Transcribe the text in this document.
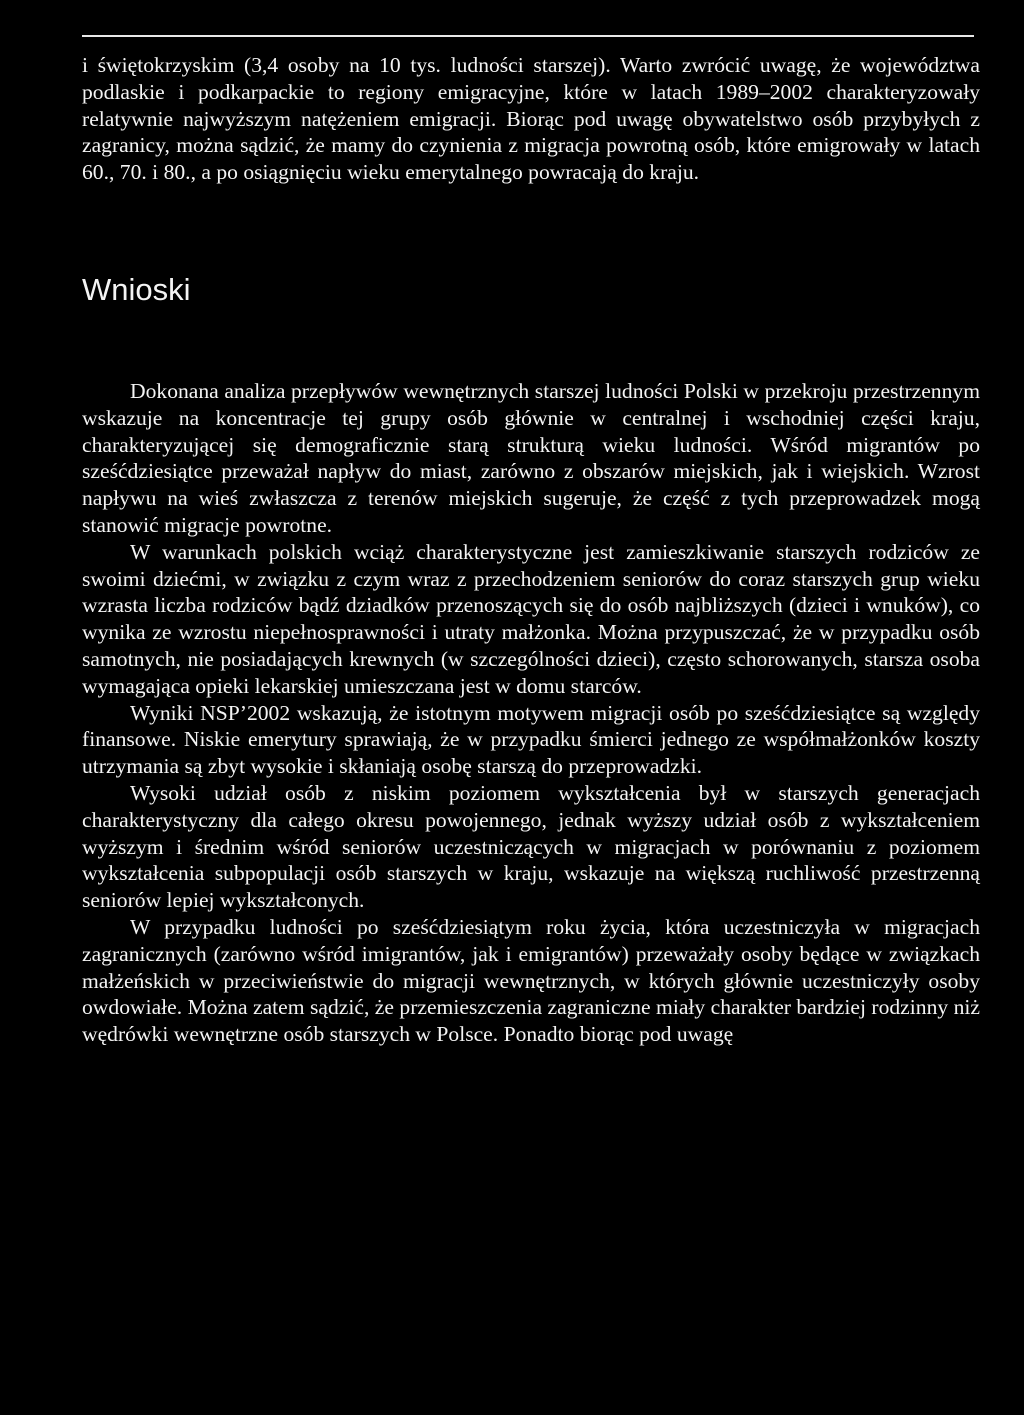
i świętokrzyskim (3,4 osoby na 10 tys. ludności starszej). Warto zwrócić uwagę, że województwa podlaskie i podkarpackie to regiony emigracyjne, które w latach 1989–2002 charakteryzowały relatywnie najwyższym natężeniem emigracji. Biorąc pod uwagę obywatelstwo osób przybyłych z zagranicy, można sądzić, że mamy do czynienia z migracja powrotną osób, które emigrowały w latach 60., 70. i 80., a po osiągnięciu wieku emerytalnego powracają do kraju.

Wnioski

Dokonana analiza przepływów wewnętrznych starszej ludności Polski w przekroju przestrzennym wskazuje na koncentracje tej grupy osób głównie w centralnej i wschodniej części kraju, charakteryzującej się demograficznie starą strukturą wieku ludności. Wśród migrantów po sześćdziesiątce przeważał napływ do miast, zarówno z obszarów miejskich, jak i wiejskich. Wzrost napływu na wieś zwłaszcza z terenów miejskich sugeruje, że część z tych przeprowadzek mogą stanowić migracje powrotne.

W warunkach polskich wciąż charakterystyczne jest zamieszkiwanie starszych rodziców ze swoimi dziećmi, w związku z czym wraz z przechodzeniem seniorów do coraz starszych grup wieku wzrasta liczba rodziców bądź dziadków przenoszących się do osób najbliższych (dzieci i wnuków), co wynika ze wzrostu niepełnosprawności i utraty małżonka. Można przypuszczać, że w przypadku osób samotnych, nie posiadających krewnych (w szczególności dzieci), często schorowanych, starsza osoba wymagająca opieki lekarskiej umieszczana jest w domu starców.

Wyniki NSP’2002 wskazują, że istotnym motywem migracji osób po sześćdziesiątce są względy finansowe. Niskie emerytury sprawiają, że w przypadku śmierci jednego ze współmałżonków koszty utrzymania są zbyt wysokie i skłaniają osobę starszą do przeprowadzki.

Wysoki udział osób z niskim poziomem wykształcenia był w starszych generacjach charakterystyczny dla całego okresu powojennego, jednak wyższy udział osób z wykształceniem wyższym i średnim wśród seniorów uczestniczących w migracjach w porównaniu z poziomem wykształcenia subpopulacji osób starszych w kraju, wskazuje na większą ruchliwość przestrzenną seniorów lepiej wykształconych.

W przypadku ludności po sześćdziesiątym roku życia, która uczestniczyła w migracjach zagranicznych (zarówno wśród imigrantów, jak i emigrantów) przeważały osoby będące w związkach małżeńskich w przeciwieństwie do migracji wewnętrznych, w których głównie uczestniczyły osoby owdowiałe. Można zatem sądzić, że przemieszczenia zagraniczne miały charakter bardziej rodzinny niż wędrówki wewnętrzne osób starszych w Polsce. Ponadto biorąc pod uwagę
